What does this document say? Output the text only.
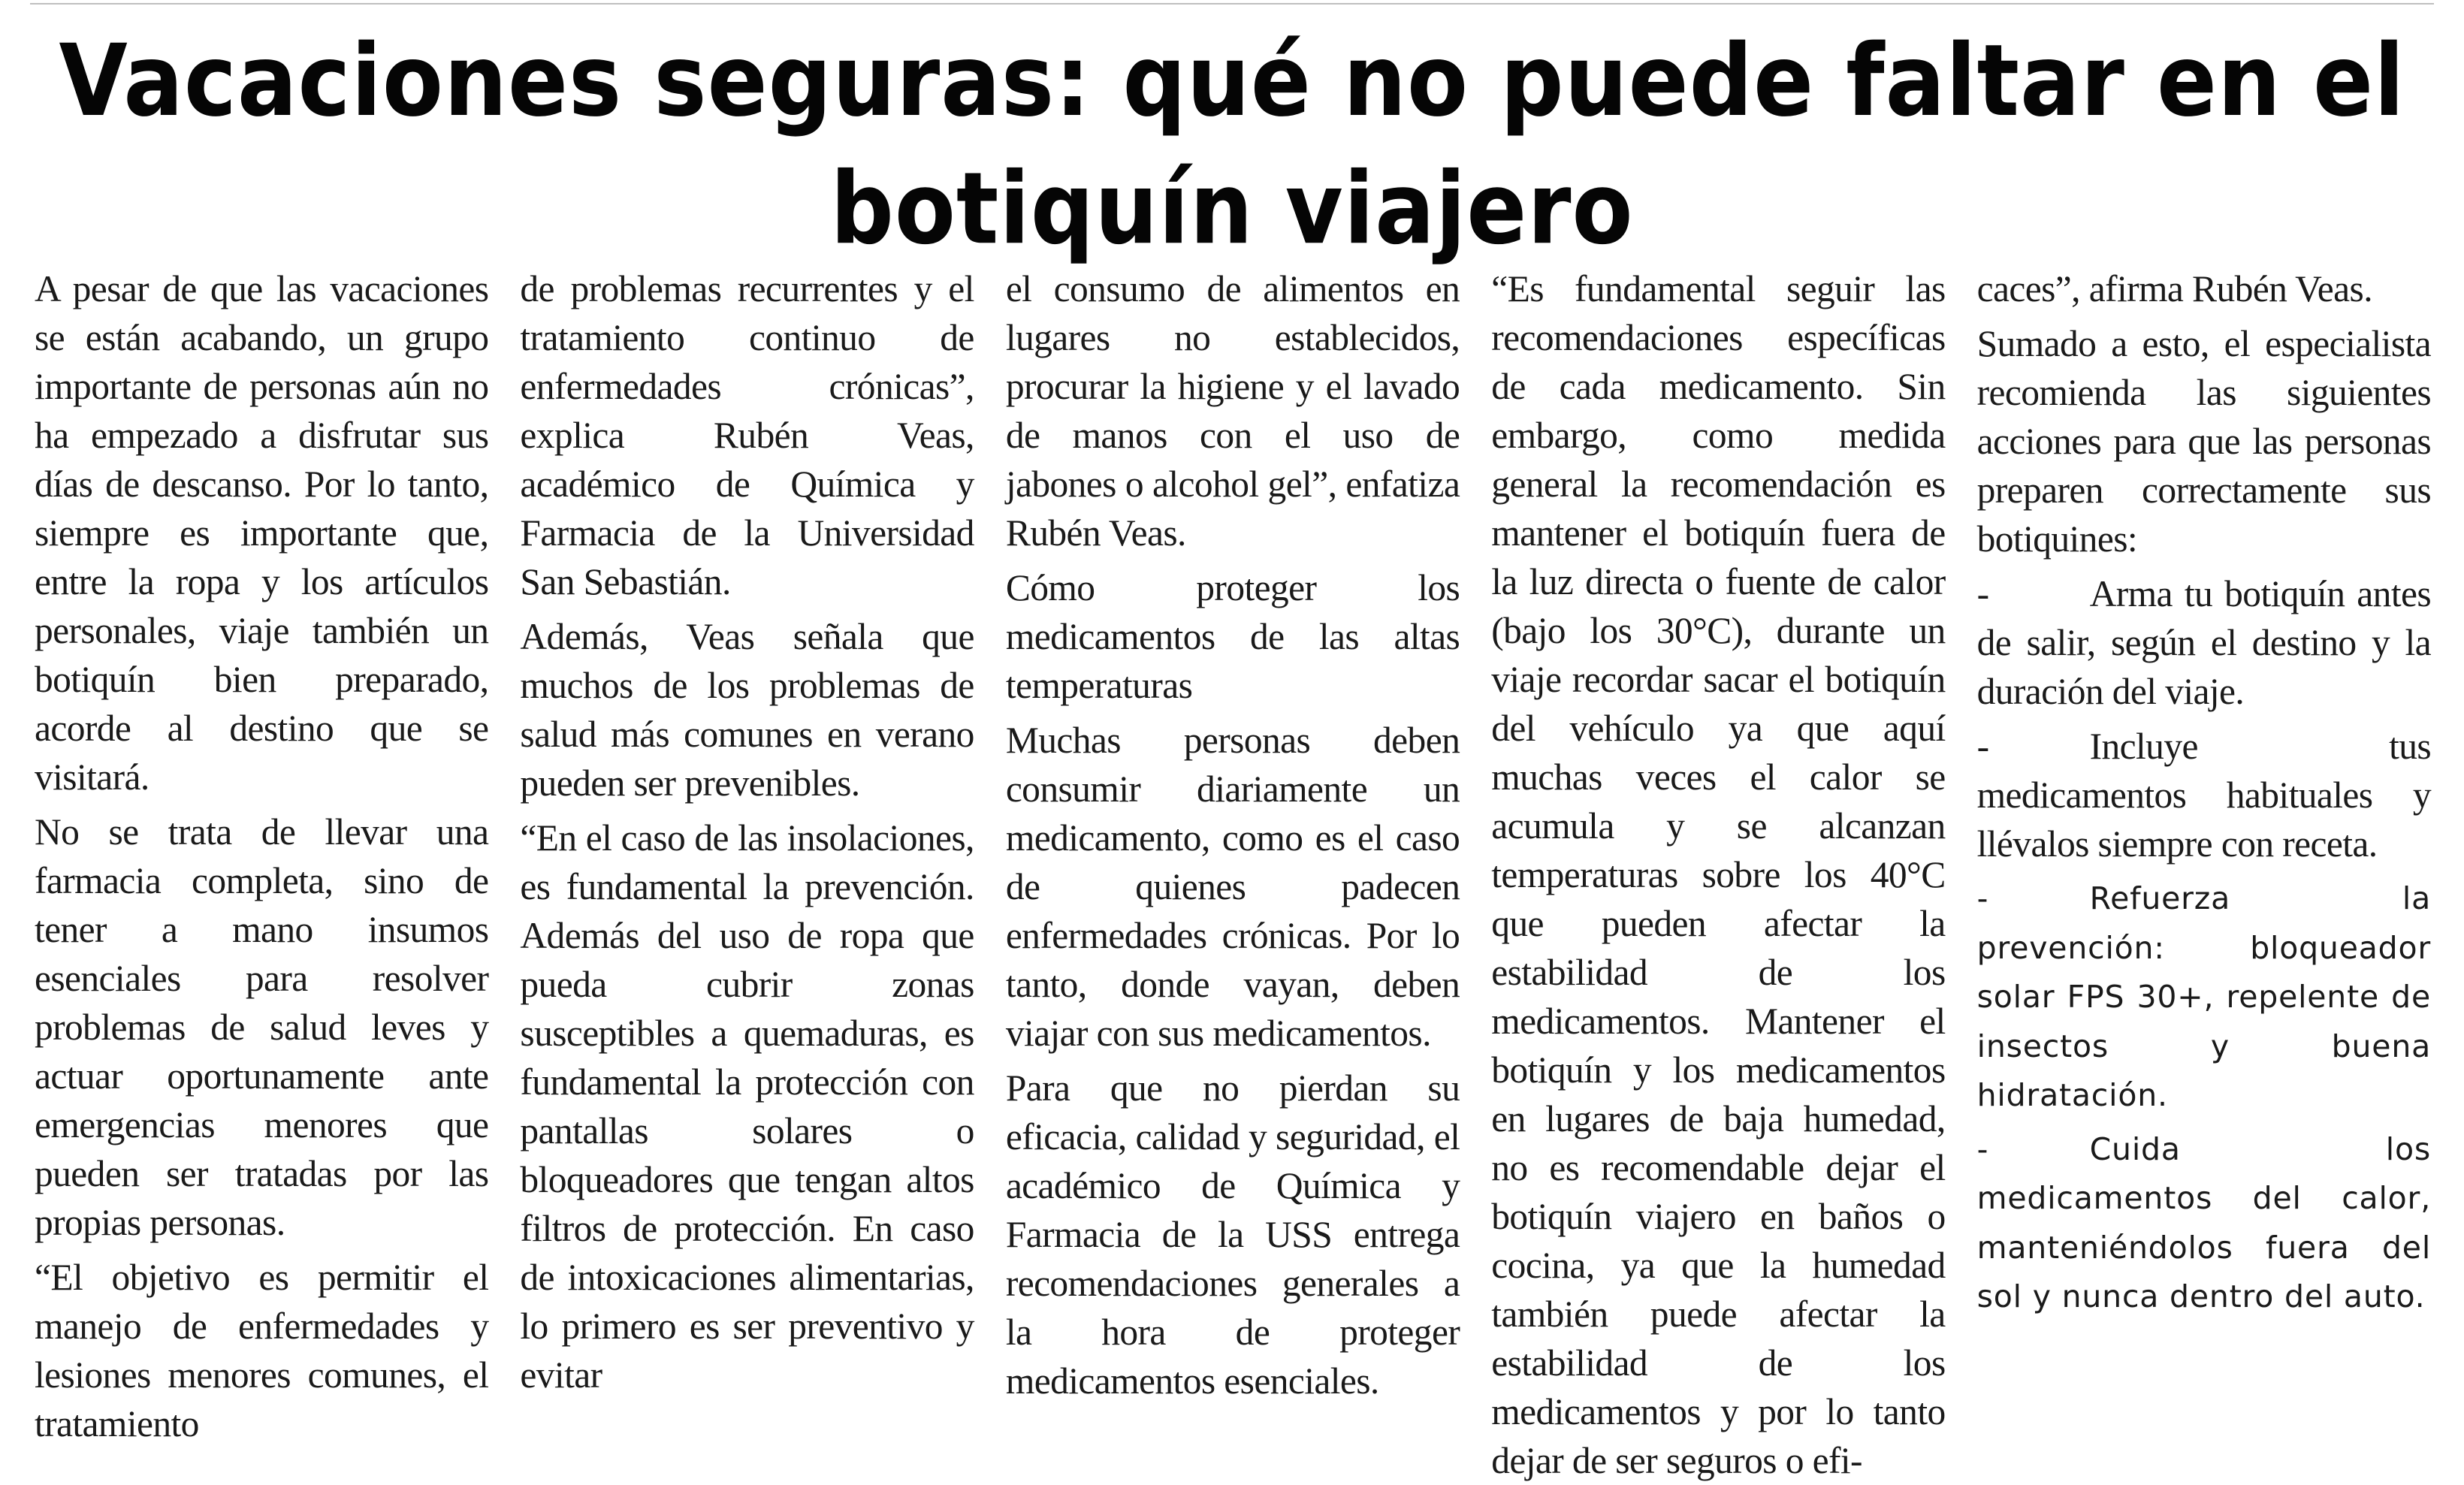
Vacaciones seguras: qué no puede faltar en el botiquín viajero

A pesar de que las vacaciones se están acabando, un grupo importante de personas aún no ha empezado a disfrutar sus días de descanso. Por lo tanto, siempre es importante que, entre la ropa y los artículos personales, viaje también un botiquín bien preparado, acorde al destino que se visitará.

No se trata de llevar una farmacia completa, sino de tener a mano insumos esenciales para resolver problemas de salud leves y actuar oportunamente ante emergencias menores que pueden ser tratadas por las propias personas.

“El objetivo es permitir el manejo de enfermedades y lesiones menores comunes, el tratamiento

de problemas recurrentes y el tratamiento continuo de enfermedades crónicas”, explica Rubén Veas, académico de Química y Farmacia de la Universidad San Sebastián.

Además, Veas señala que muchos de los problemas de salud más comunes en verano pueden ser prevenibles.

“En el caso de las insolaciones, es fundamental la prevención. Además del uso de ropa que pueda cubrir zonas susceptibles a quemaduras, es fundamental la protección con pantallas solares o bloqueadores que tengan altos filtros de protección. En caso de intoxicaciones alimentarias, lo primero es ser preventivo y evitar

el consumo de alimentos en lugares no establecidos, procurar la higiene y el lavado de manos con el uso de jabones o alcohol gel”, enfatiza Rubén Veas.

Cómo proteger los medicamentos de las altas temperaturas

Muchas personas deben consumir diariamente un medicamento, como es el caso de quienes padecen enfermedades crónicas. Por lo tanto, donde vayan, deben viajar con sus medicamentos.

Para que no pierdan su eficacia, calidad y seguridad, el académico de Química y Farmacia de la USS entrega recomendaciones generales a la hora de proteger medicamentos esenciales.

“Es fundamental seguir las recomendaciones específicas de cada medicamento. Sin embargo, como medida general la recomendación es mantener el botiquín fuera de la luz directa o fuente de calor (bajo los 30°C), durante un viaje recordar sacar el botiquín del vehículo ya que aquí muchas veces el calor se acumula y se alcanzan temperaturas sobre los 40°C que pueden afectar la estabilidad de los medicamentos. Mantener el botiquín y los medicamentos en lugares de baja humedad, no es recomendable dejar el botiquín viajero en baños o cocina, ya que la humedad también puede afectar la estabilidad de los medicamentos y por lo tanto dejar de ser seguros o efi-

caces”, afirma Rubén Veas.

Sumado a esto, el especialista recomienda las siguientes acciones para que las personas preparen correctamente sus botiquines:

-	Arma tu botiquín antes de salir, según el destino y la duración del viaje.

-	Incluye tus medicamentos habituales y llévalos siempre con receta.

-	Refuerza la prevención: bloqueador solar FPS 30+, repelente de insectos y buena hidratación.

-	Cuida los medicamentos del calor, manteniéndolos fuera del sol y nunca dentro del auto.
